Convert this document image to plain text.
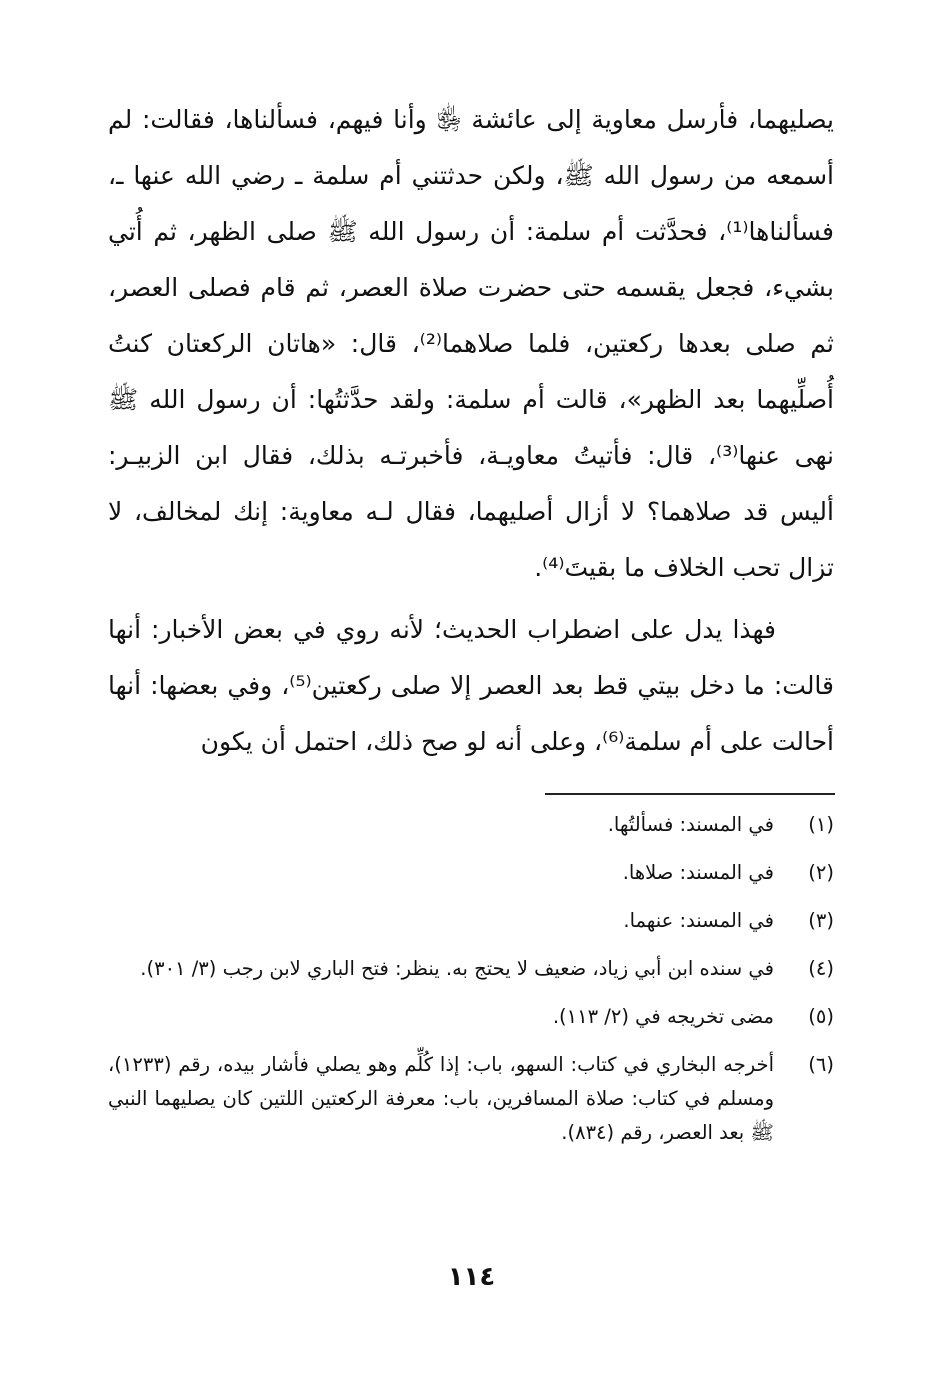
يصليهما، فأرسل معاوية إلى عائشة ﵂ وأنا فيهم، فسألناها، فقالت: لم أسمعه من رسول الله ﷺ، ولكن حدثتني أم سلمة ـ رضي الله عنها ـ، فسألناها⁽¹⁾، فحدَّثت أم سلمة: أن رسول الله ﷺ صلى الظهر، ثم أُتي بشيء، فجعل يقسمه حتى حضرت صلاة العصر، ثم قام فصلى العصر، ثم صلى بعدها ركعتين، فلما صلاهما⁽²⁾، قال: «هاتان الركعتان كنتُ أُصلِّيهما بعد الظهر»، قالت أم سلمة: ولقد حدَّثتُها: أن رسول الله ﷺ نهى عنها⁽³⁾، قال: فأتيتُ معاويـة، فأخبرتـه بذلك، فقال ابن الزبيـر: أليس قد صلاهما؟ لا أزال أصليهما، فقال لـه معاوية: إنك لمخالف، لا تزال تحب الخلاف ما بقيتَ⁽⁴⁾.

فهذا يدل على اضطراب الحديث؛ لأنه روي في بعض الأخبار: أنها قالت: ما دخل بيتي قط بعد العصر إلا صلى ركعتين⁽⁵⁾، وفي بعضها: أنها أحالت على أم سلمة⁽⁶⁾، وعلى أنه لو صح ذلك، احتمل أن يكون

(١)
في المسند: فسألتُها.
(٢)
في المسند: صلاها.
(٣)
في المسند: عنهما.
(٤)
في سنده ابن أبي زياد، ضعيف لا يحتج به. ينظر: فتح الباري لابن رجب (٣/ ٣٠١).
(٥)
مضى تخريجه في (٢/ ١١٣).
(٦)
أخرجه البخاري في كتاب: السهو، باب: إذا كُلِّم وهو يصلي فأشار بيده، رقم (١٢٣٣)، ومسلم في كتاب: صلاة المسافرين، باب: معرفة الركعتين اللتين كان يصليهما النبي ﷺ بعد العصر، رقم (٨٣٤).
١١٤
